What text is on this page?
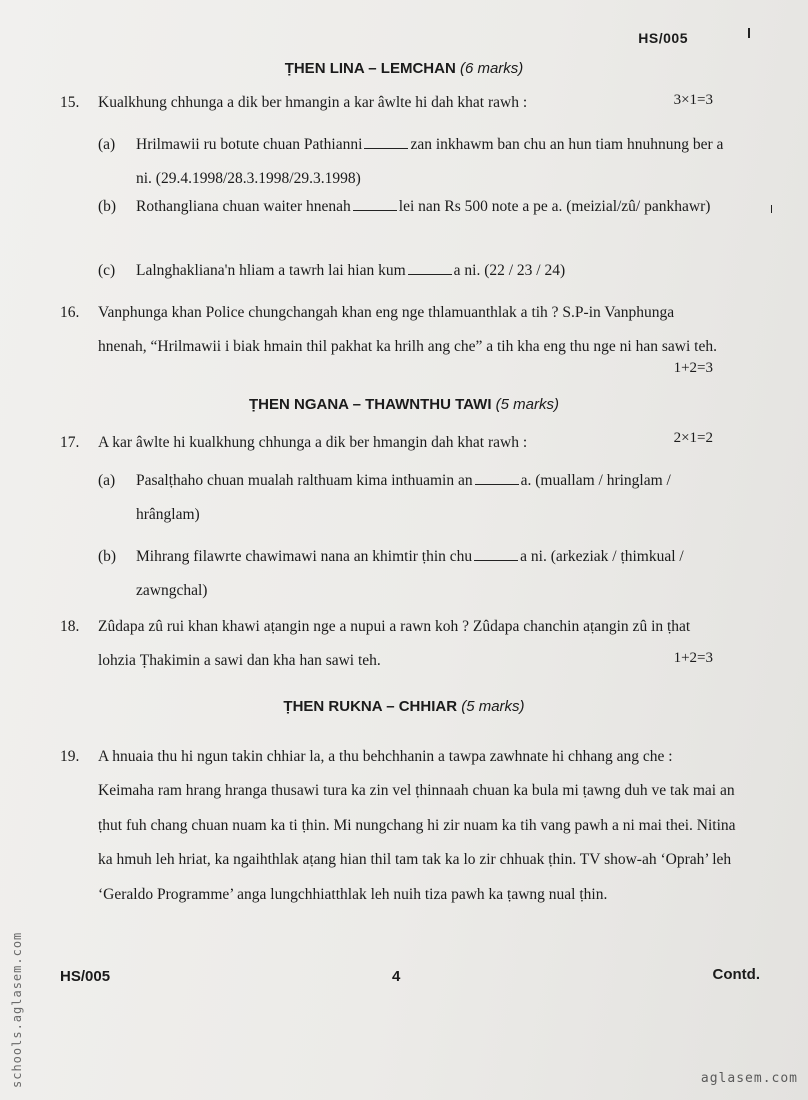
HS/005
ṬHEN LINA – LEMCHAN (6 marks)
15. Kualkhung chhunga a dik ber hmangin a kar âwlte hi dah khat rawh :	3×1=3
(a) Hrilmawii ru botute chuan Pathianni	zan inkhawm ban chu an hun tiam hnuhnung ber a ni. (29.4.1998/28.3.1998/29.3.1998)
(b) Rothangliana chuan waiter hnenah	lei nan Rs 500 note a pe a. (meizial/zû/ pankhawr)
(c) Lalnghakliana'n hliam a tawrh lai hian kum	a ni. (22 / 23 / 24)
16. Vanphunga khan Police chungchangah khan eng nge thlamuanthlak a tih ? S.P-in Vanphunga hnenah, “Hrilmawii i biak hmain thil pakhat ka hrilh ang che” a tih kha eng thu nge ni han sawi teh.
1+2=3
ṬHEN NGANA – THAWNTHU TAWI (5 marks)
17. A kar âwlte hi kualkhung chhunga a dik ber hmangin dah khat rawh :	2×1=2
(a) Pasalṭhaho chuan mualah ralthuam kima inthuamin an	a. (muallam / hringlam / hrânglam)
(b) Mihrang filawrte chawimawi nana an khimtir ṭhin chu	a ni. (arkeziak / ṭhimkual / zawngchal)
18. Zûdapa zû rui khan khawi aṭangin nge a nupui a rawn koh ? Zûdapa chanchin aṭangin zû in ṭhat lohzia Ṭhakimin a sawi dan kha han sawi teh.	1+2=3
ṬHEN RUKNA – CHHIAR (5 marks)
19. A hnuaia thu hi ngun takin chhiar la, a thu behchhanin a tawpa zawhnate hi chhang ang che :
Keimaha ram hrang hranga thusawi tura ka zin vel ṭhinnaah chuan ka bula mi ṭawng duh ve tak mai an ṭhut fuh chang chuan nuam ka ti ṭhin. Mi nungchang hi zir nuam ka tih vang pawh a ni mai thei. Nitina ka hmuh leh hriat, ka ngaihthlak aṭang hian thil tam tak ka lo zir chhuak ṭhin. TV show-ah ‘Oprah’ leh ‘Geraldo Programme’ anga lungchhiatthlak leh nuih tiza pawh ka ṭawng nual ṭhin.
HS/005	4	Contd.
schools.aglasem.com	aglasem.com
